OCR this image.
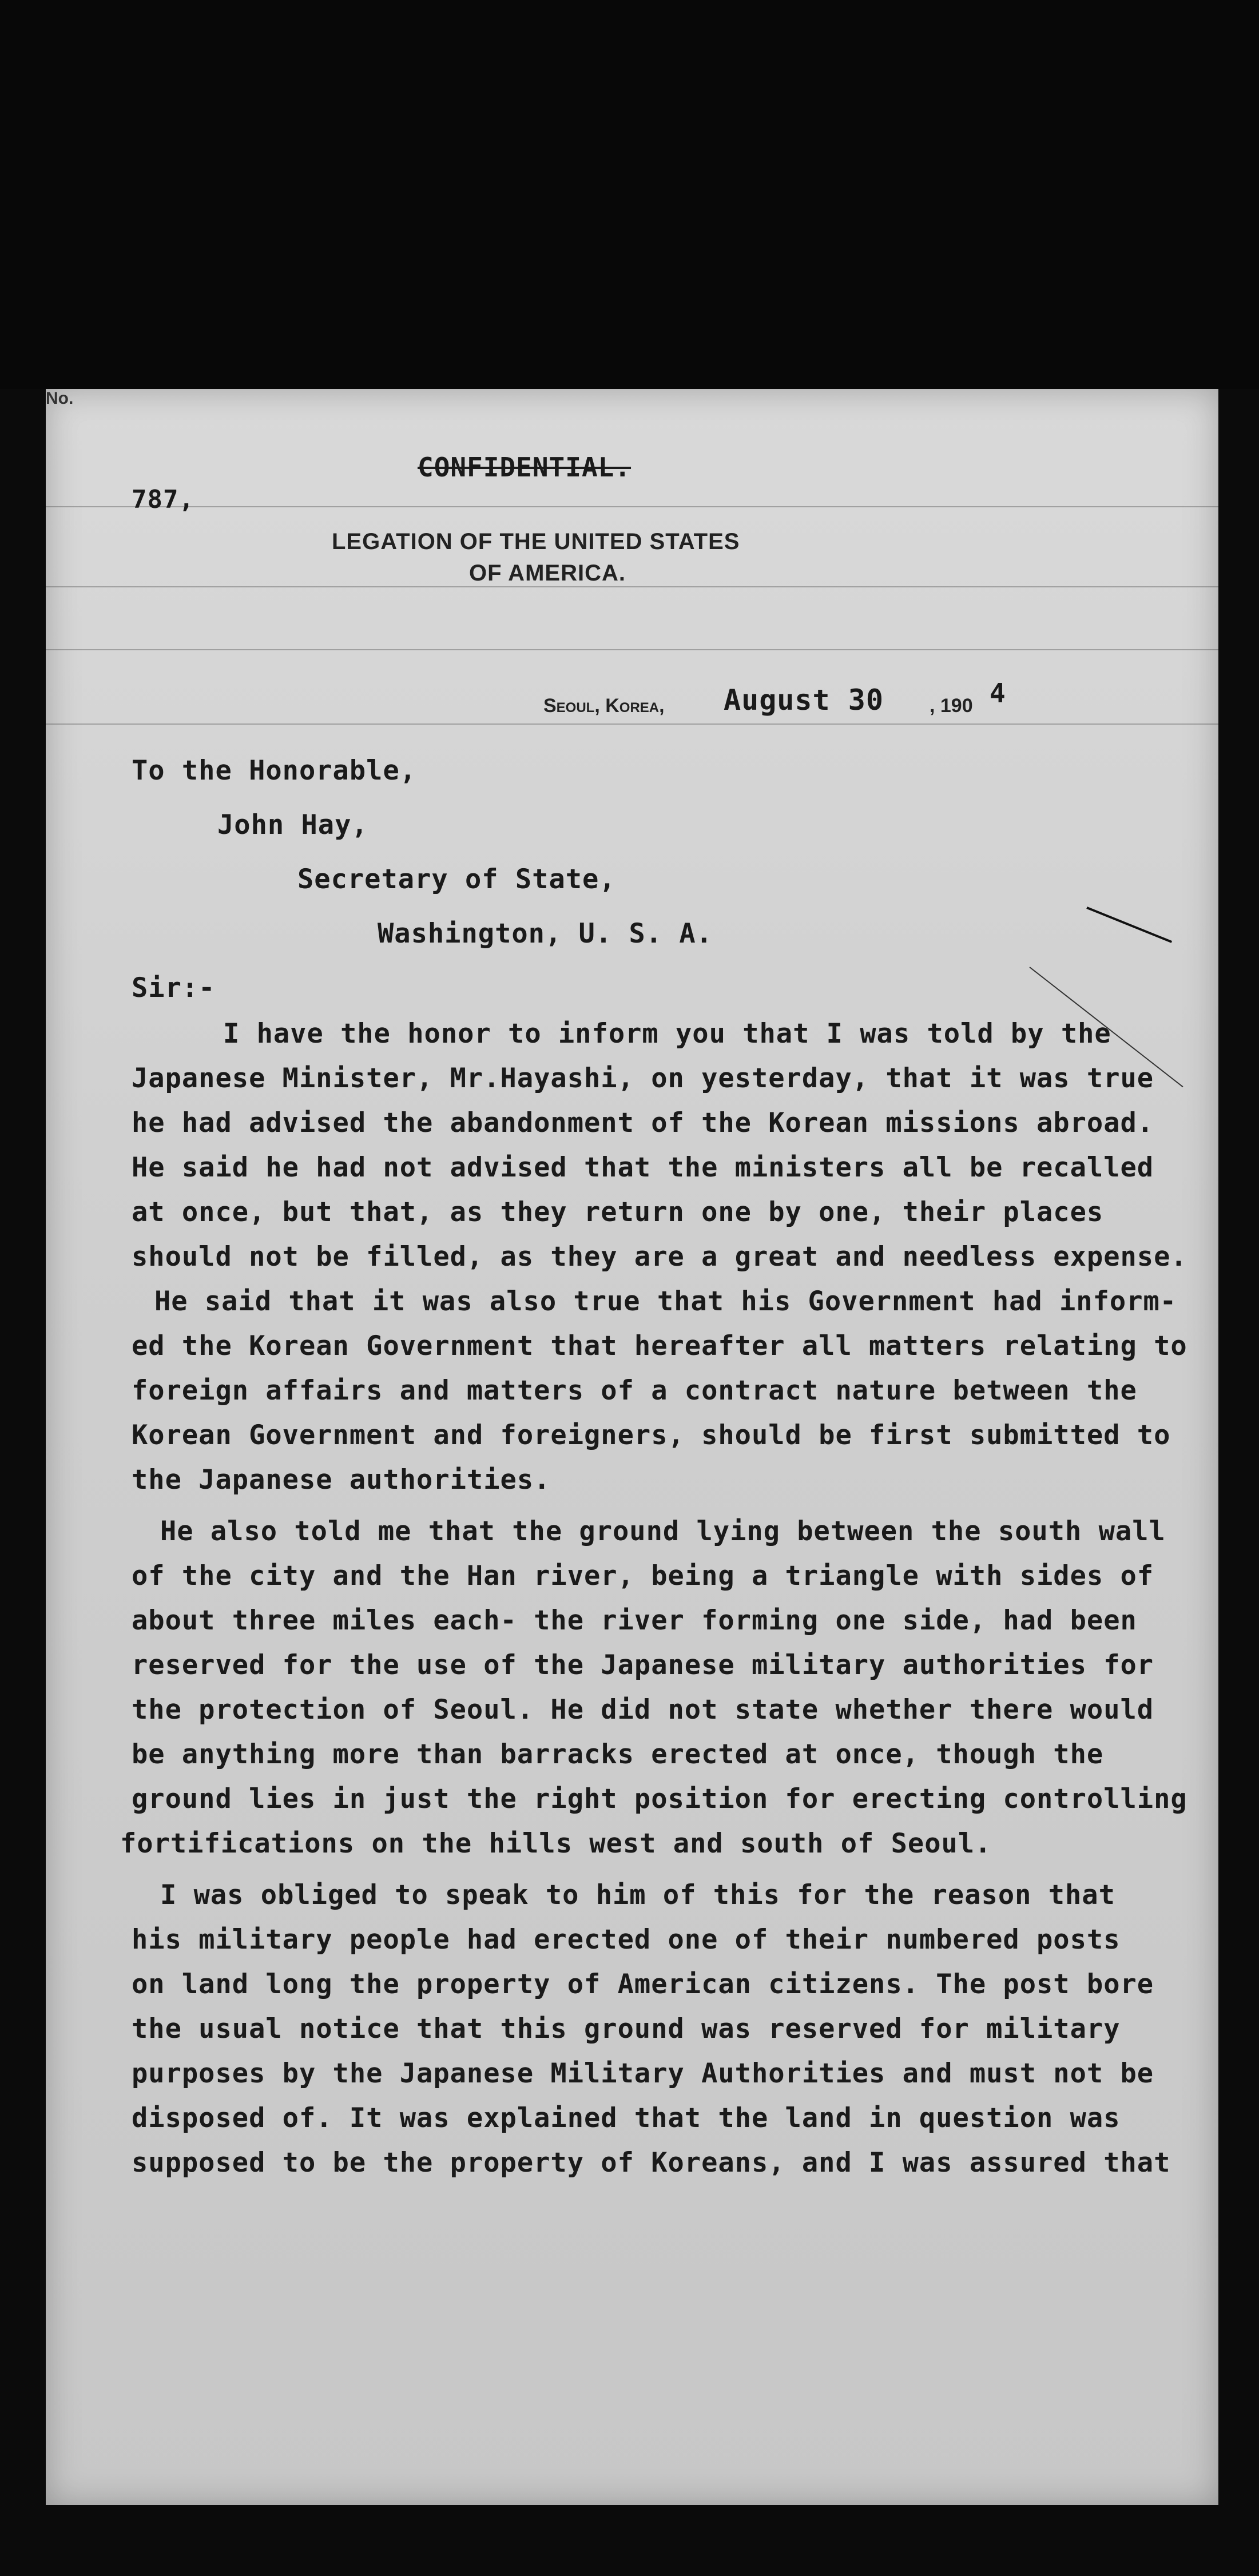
CONFIDENTIAL.
No.
787,
LEGATION OF THE UNITED STATES
OF AMERICA.
Seoul, Korea, August 30 , 190 4
To the Honorable,
John Hay,
Secretary of State,
Washington, U. S. A.
Sir:-
I have the honor to inform you that I was told by the
Japanese Minister, Mr.Hayashi, on yesterday, that it was true
he had advised the abandonment of the Korean missions abroad.
He said he had not advised that the ministers all be recalled
at once, but that, as they return one by one, their places
should not be filled, as they are a great and needless expense.
He said that it was also true that his Government had inform-
ed the Korean Government that hereafter all matters relating to
foreign affairs and matters of a contract nature between the
Korean Government and foreigners, should be first submitted to
the Japanese authorities.
He also told me that the ground lying between the south wall
of the city and the Han river, being a triangle with sides of
about three miles each- the river forming one side, had been
reserved for the use of the Japanese military authorities for
the protection of Seoul. He did not state whether there would
be anything more than barracks erected at once, though the
ground lies in just the right position for erecting controlling
fortifications on the hills west and south of Seoul.
I was obliged to speak to him of this for the reason that
his military people had erected one of their numbered posts
on land long the property of American citizens. The post bore
the usual notice that this ground was reserved for military
purposes by the Japanese Military Authorities and must not be
disposed of. It was explained that the land in question was
supposed to be the property of Koreans, and I was assured that
